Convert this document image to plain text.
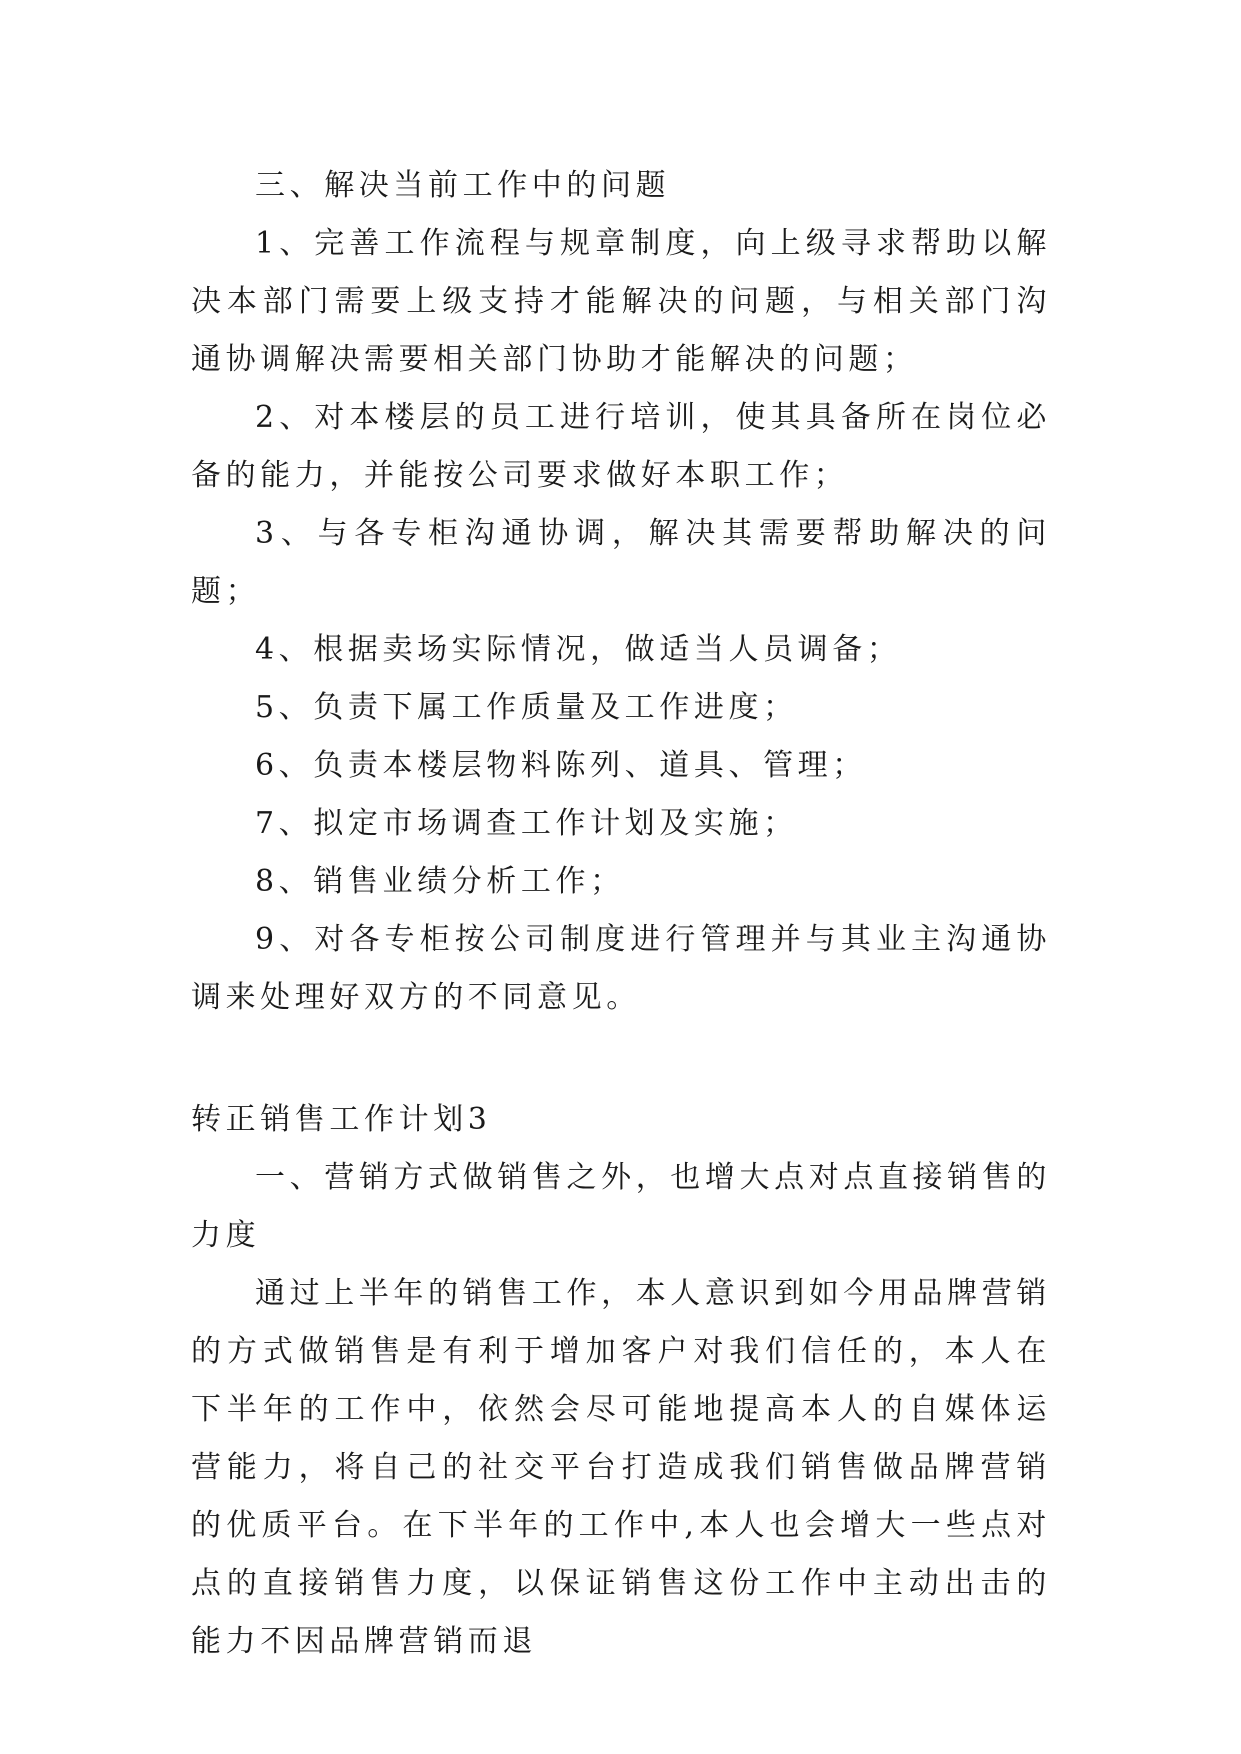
三、解决当前工作中的问题

1、完善工作流程与规章制度，向上级寻求帮助以解决本部门需要上级支持才能解决的问题，与相关部门沟通协调解决需要相关部门协助才能解决的问题；

2、对本楼层的员工进行培训，使其具备所在岗位必备的能力，并能按公司要求做好本职工作；

3、与各专柜沟通协调，解决其需要帮助解决的问题；

4、根据卖场实际情况，做适当人员调备；

5、负责下属工作质量及工作进度；

6、负责本楼层物料陈列、道具、管理；

7、拟定市场调查工作计划及实施；

8、销售业绩分析工作；

9、对各专柜按公司制度进行管理并与其业主沟通协调来处理好双方的不同意见。

转正销售工作计划3

一、营销方式做销售之外，也增大点对点直接销售的力度

通过上半年的销售工作，本人意识到如今用品牌营销的方式做销售是有利于增加客户对我们信任的，本人在下半年的工作中，依然会尽可能地提高本人的自媒体运营能力，将自己的社交平台打造成我们销售做品牌营销的优质平台。在下半年的工作中,本人也会增大一些点对点的直接销售力度，以保证销售这份工作中主动出击的能力不因品牌营销而退
